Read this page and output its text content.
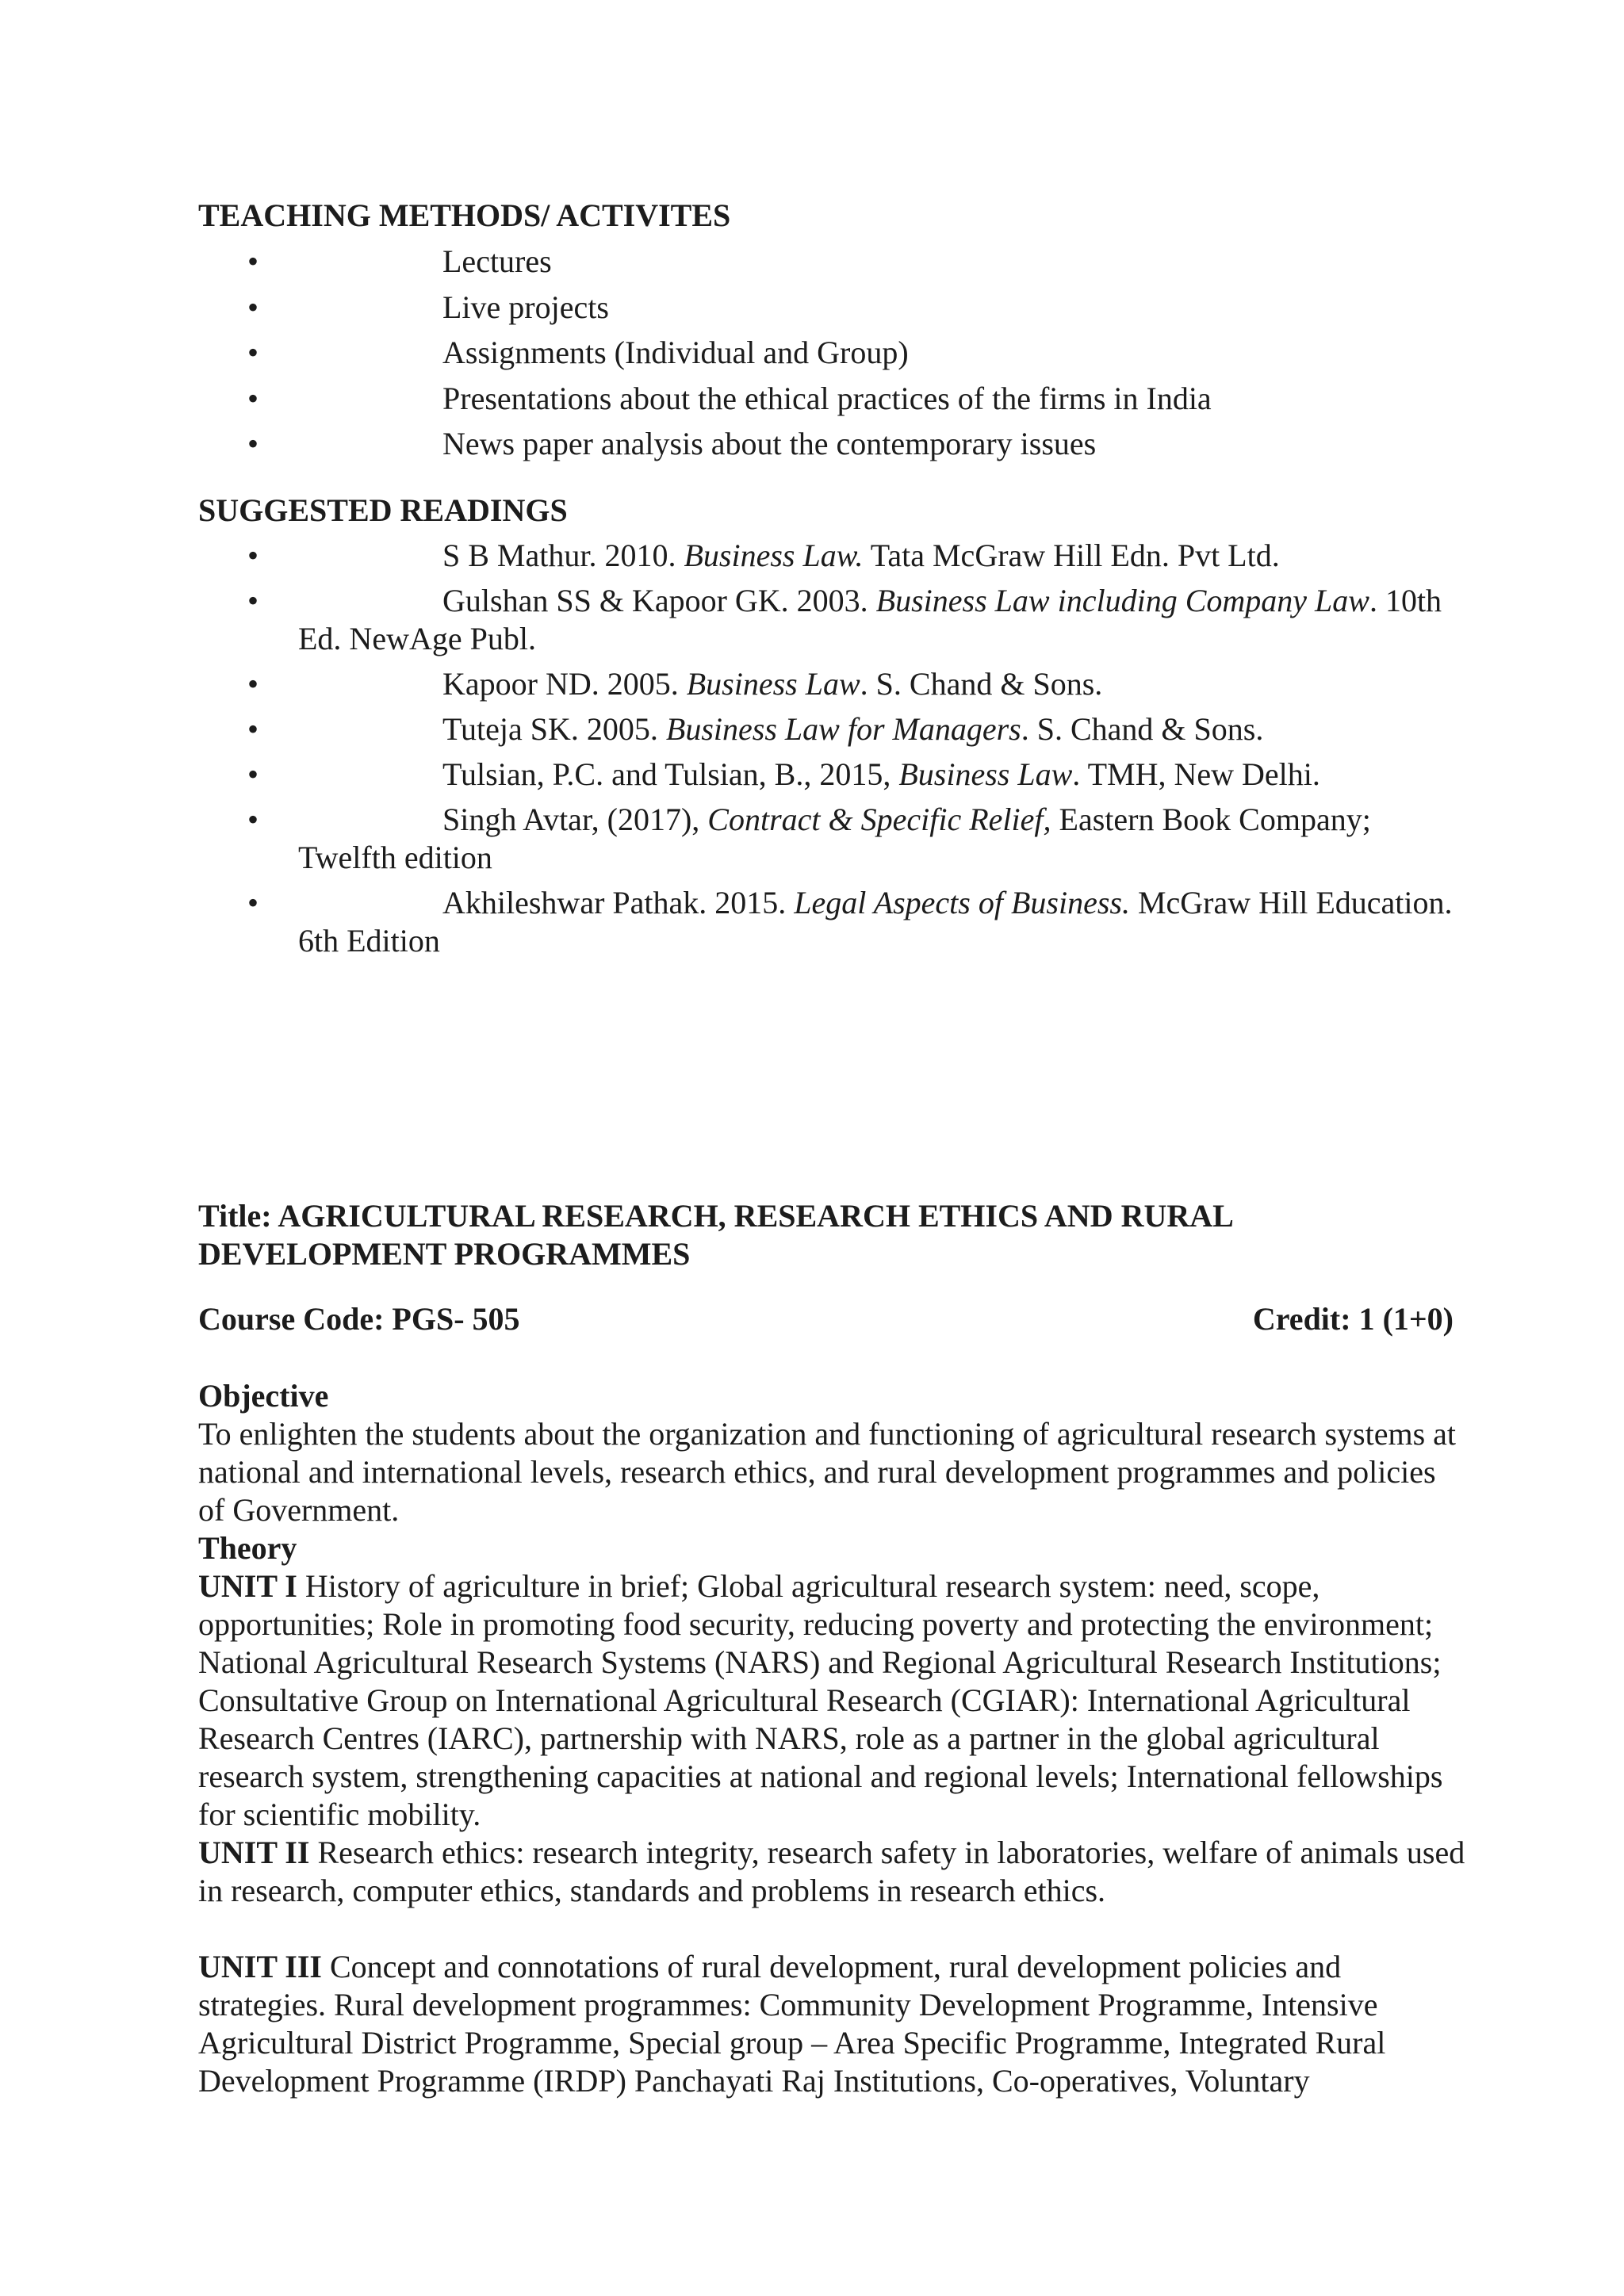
TEACHING METHODS/ ACTIVITES
• Lectures
• Live projects
• Assignments (Individual and Group)
• Presentations about the ethical practices of the firms in India
• News paper analysis about the contemporary issues
SUGGESTED READINGS
• S B Mathur. 2010. Business Law. Tata McGraw Hill Edn. Pvt Ltd.
• Gulshan SS & Kapoor GK. 2003. Business Law including Company Law. 10th Ed. NewAge Publ.
• Kapoor ND. 2005. Business Law. S. Chand & Sons.
• Tuteja SK. 2005. Business Law for Managers. S. Chand & Sons.
• Tulsian, P.C. and Tulsian, B., 2015, Business Law. TMH, New Delhi.
• Singh Avtar, (2017), Contract & Specific Relief, Eastern Book Company; Twelfth edition
• Akhileshwar Pathak. 2015. Legal Aspects of Business. McGraw Hill Education. 6th Edition
Title: AGRICULTURAL RESEARCH, RESEARCH ETHICS AND RURAL DEVELOPMENT PROGRAMMES
Course Code: PGS- 505	Credit: 1 (1+0)
Objective

To enlighten the students about the organization and functioning of agricultural research systems at national and international levels, research ethics, and rural development programmes and policies of Government.

Theory

UNIT I History of agriculture in brief; Global agricultural research system: need, scope, opportunities; Role in promoting food security, reducing poverty and protecting the environment; National Agricultural Research Systems (NARS) and Regional Agricultural Research Institutions; Consultative Group on International Agricultural Research (CGIAR): International Agricultural Research Centres (IARC), partnership with NARS, role as a partner in the global agricultural research system, strengthening capacities at national and regional levels; International fellowships for scientific mobility.

UNIT II Research ethics: research integrity, research safety in laboratories, welfare of animals used in research, computer ethics, standards and problems in research ethics.

UNIT III Concept and connotations of rural development, rural development policies and strategies. Rural development programmes: Community Development Programme, Intensive Agricultural District Programme, Special group – Area Specific Programme, Integrated Rural Development Programme (IRDP) Panchayati Raj Institutions, Co-operatives, Voluntary
